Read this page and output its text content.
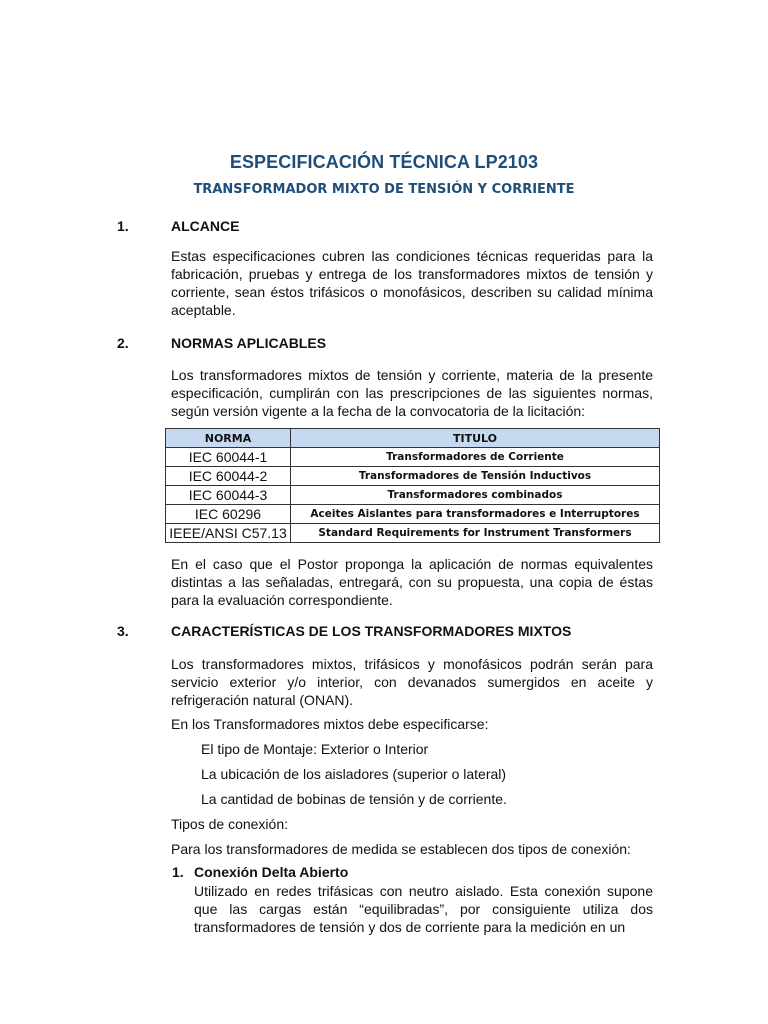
ESPECIFICACIÓN TÉCNICA LP2103
TRANSFORMADOR MIXTO DE TENSIÓN Y CORRIENTE
1.	ALCANCE

Estas especificaciones cubren las condiciones técnicas requeridas para la fabricación, pruebas y entrega de los transformadores mixtos de tensión y corriente, sean éstos trifásicos o monofásicos, describen su calidad mínima aceptable.

2.	NORMAS APLICABLES

Los transformadores mixtos de tensión y corriente, materia de la presente especificación, cumplirán con las prescripciones de las siguientes normas, según versión vigente a la fecha de la convocatoria de la licitación:

NORMA	TITULO
IEC 60044-1	Transformadores de Corriente
IEC 60044-2	Transformadores de Tensión Inductivos
IEC 60044-3	Transformadores combinados
IEC 60296	Aceites Aislantes para transformadores e Interruptores
IEEE/ANSI C57.13	Standard Requirements for Instrument Transformers

En el caso que el Postor proponga la aplicación de normas equivalentes distintas a las señaladas, entregará, con su propuesta, una copia de éstas para la evaluación correspondiente.

3.	CARACTERÍSTICAS DE LOS TRANSFORMADORES MIXTOS

Los transformadores mixtos, trifásicos y monofásicos podrán serán para servicio exterior y/o interior, con devanados sumergidos en aceite y refrigeración natural (ONAN).

En los Transformadores mixtos debe especificarse:
El tipo de Montaje: Exterior o Interior
La ubicación de los aisladores (superior o lateral)
La cantidad de bobinas de tensión y de corriente.
Tipos de conexión:
Para los transformadores de medida se establecen dos tipos de conexión:
1. Conexión Delta Abierto

Utilizado en redes trifásicas con neutro aislado. Esta conexión supone que las cargas están “equilibradas”, por consiguiente utiliza dos transformadores de tensión y dos de corriente para la medición en un
